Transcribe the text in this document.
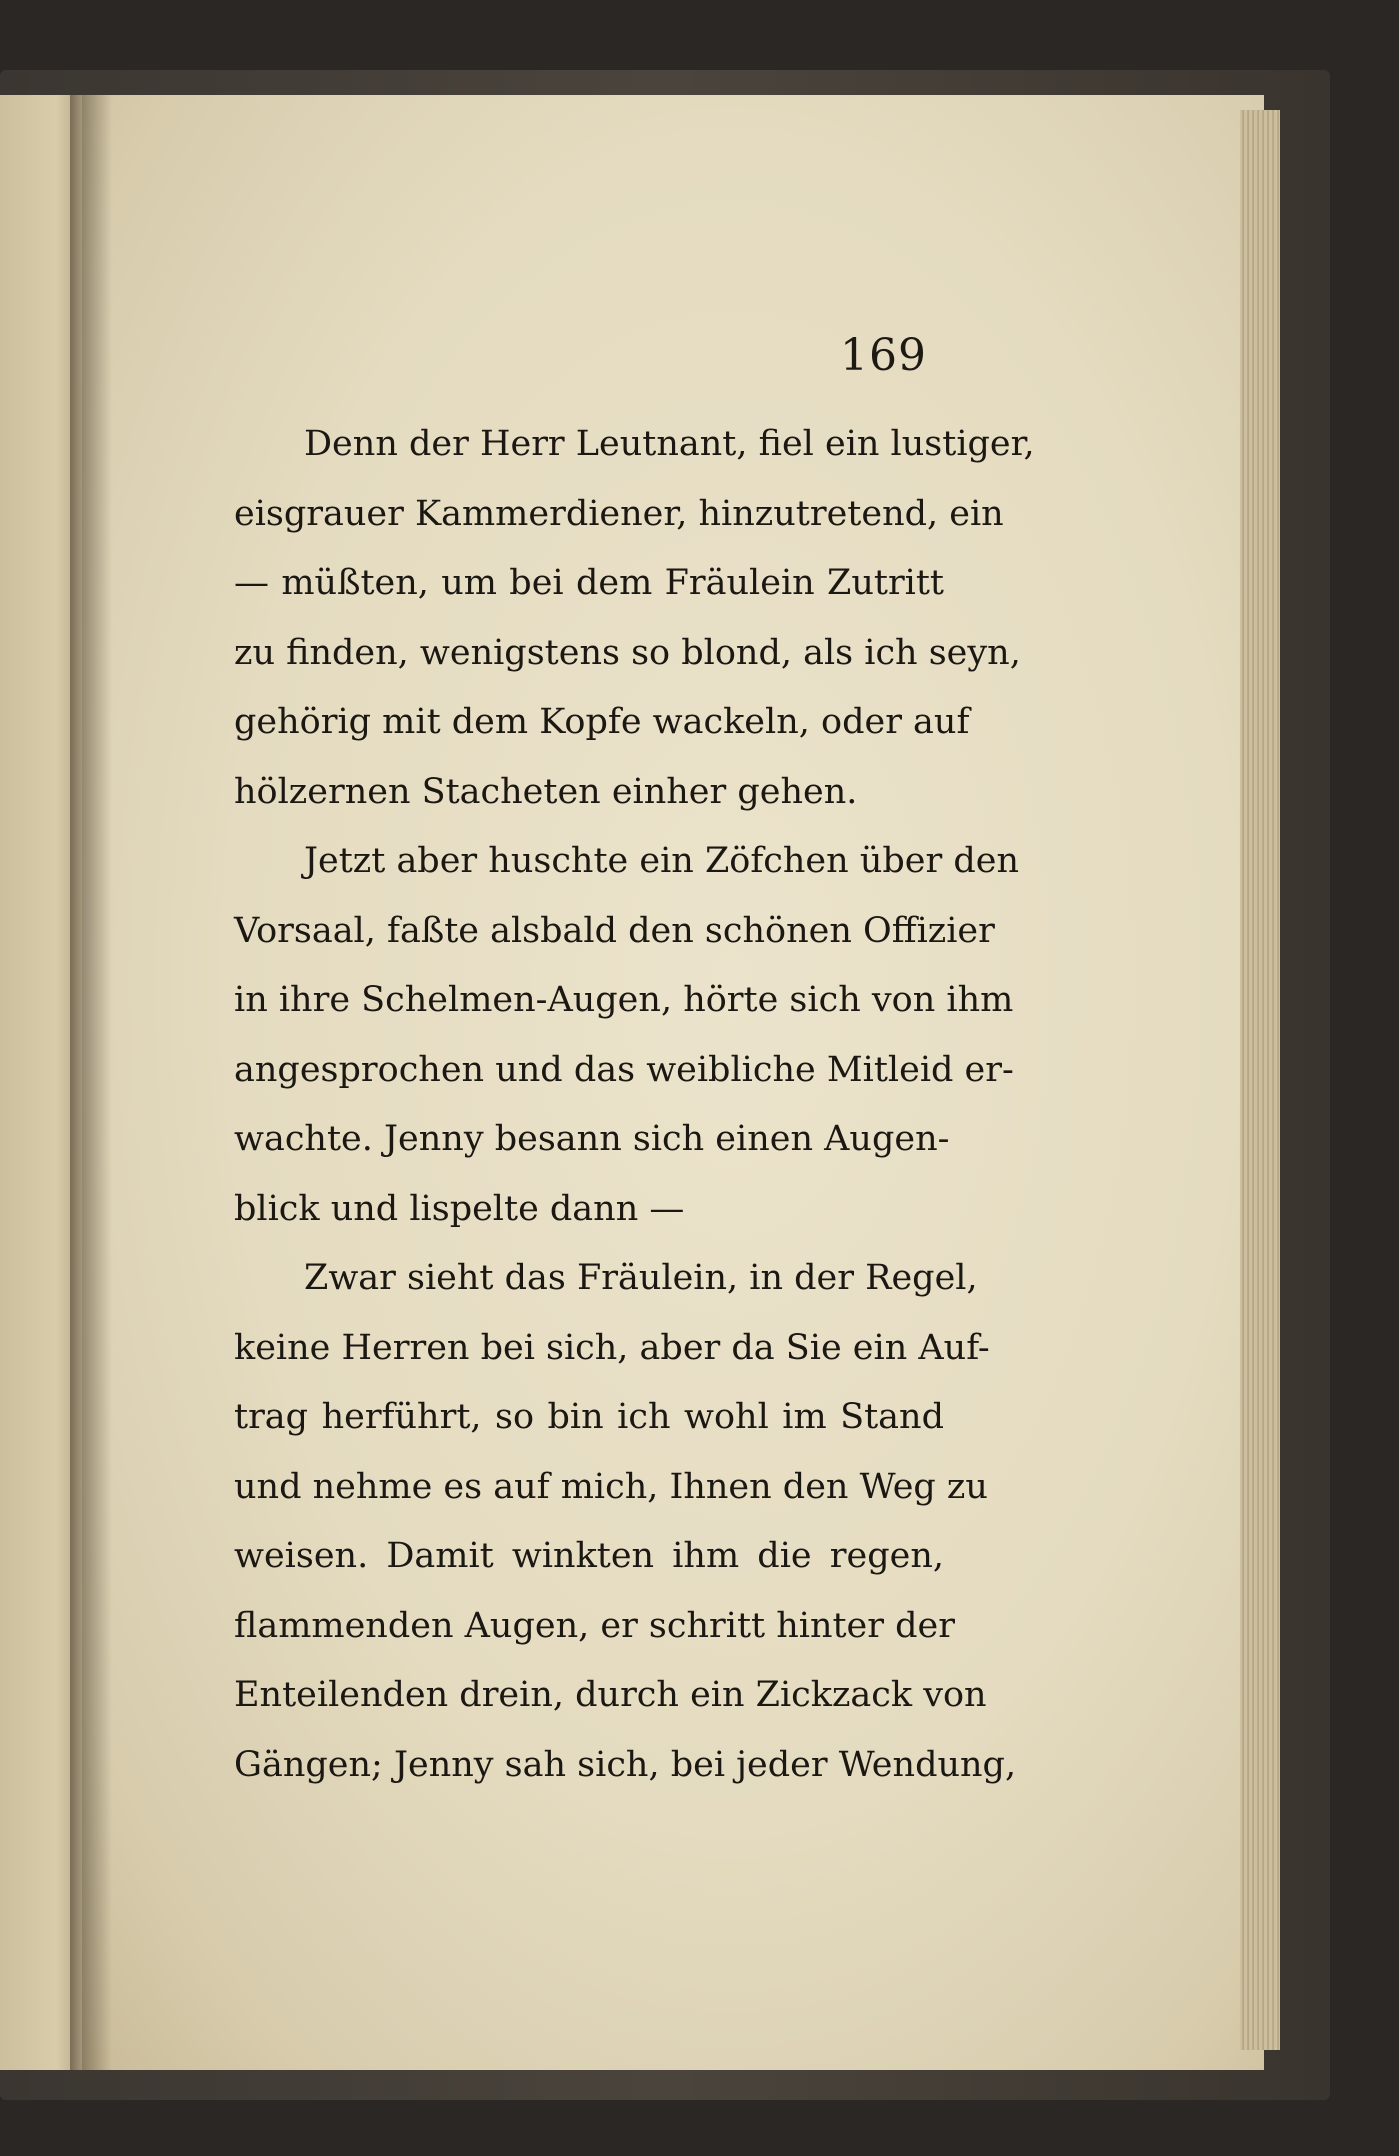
169
Denn der Herr Leutnant, fiel ein lustiger,
eisgrauer Kammerdiener, hinzutretend, ein
— müßten, um bei dem Fräulein Zutritt
zu finden, wenigstens so blond, als ich seyn,
gehörig mit dem Kopfe wackeln, oder auf
hölzernen Stacheten einher gehen.
Jetzt aber huschte ein Zöfchen über den
Vorsaal, faßte alsbald den schönen Offizier
in ihre Schelmen-Augen, hörte sich von ihm
angesprochen und das weibliche Mitleid er-
wachte. Jenny besann sich einen Augen-
blick und lispelte dann —
Zwar sieht das Fräulein, in der Regel,
keine Herren bei sich, aber da Sie ein Auf-
trag herführt, so bin ich wohl im Stand
und nehme es auf mich, Ihnen den Weg zu
weisen. Damit winkten ihm die regen,
flammenden Augen, er schritt hinter der
Enteilenden drein, durch ein Zickzack von
Gängen; Jenny sah sich, bei jeder Wendung,
